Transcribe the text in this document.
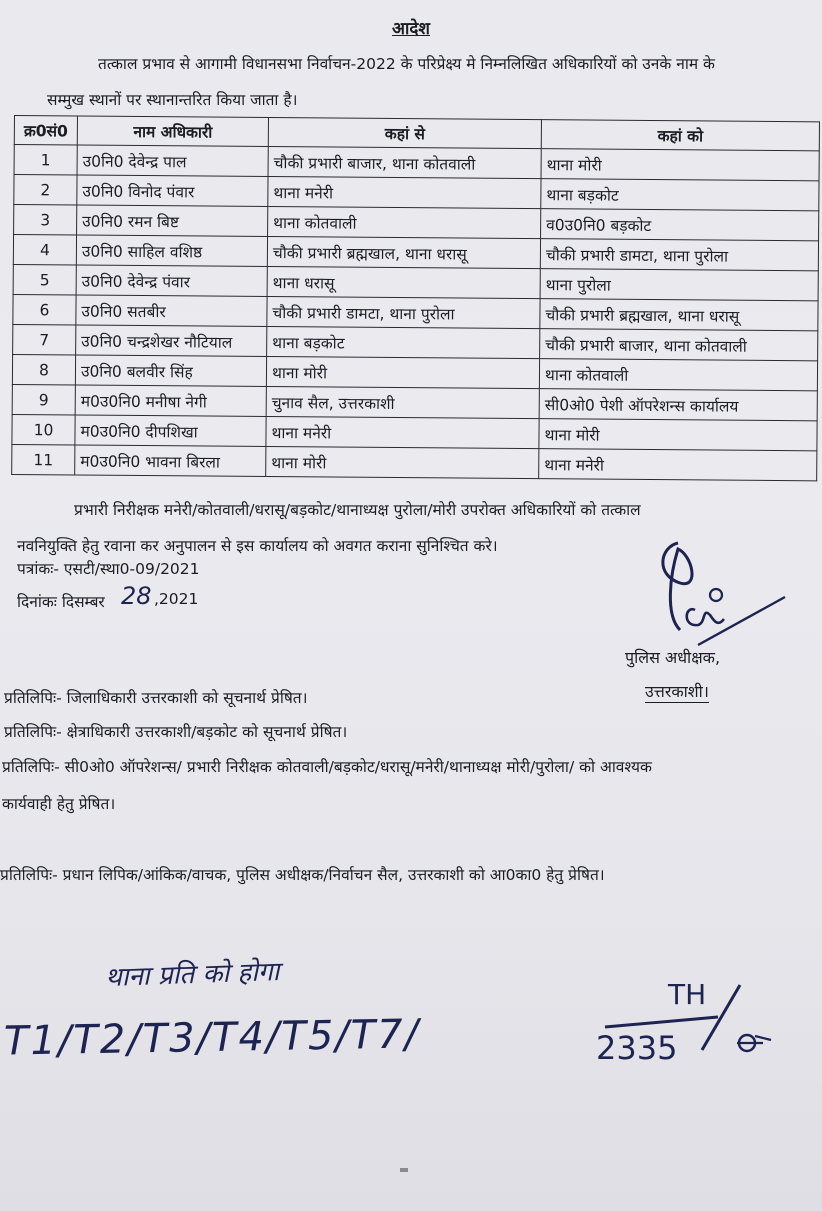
आदेश
तत्काल प्रभाव से आगामी विधानसभा निर्वाचन-2022 के परिप्रेक्ष्य मे निम्नलिखित अधिकारियों को उनके नाम के
सम्मुख स्थानों पर स्थानान्तरित किया जाता है।
क्र0सं0	नाम अधिकारी	कहां से	कहां को
1	उ0नि0 देवेन्द्र पाल	चौकी प्रभारी बाजार, थाना कोतवाली	थाना मोरी
2	उ0नि0 विनोद पंवार	थाना मनेरी	थाना बड़कोट
3	उ0नि0 रमन बिष्ट	थाना कोतवाली	व0उ0नि0 बड़कोट
4	उ0नि0 साहिल वशिष्ठ	चौकी प्रभारी ब्रह्मखाल, थाना धरासू	चौकी प्रभारी डामटा, थाना पुरोला
5	उ0नि0 देवेन्द्र पंवार	थाना धरासू	थाना पुरोला
6	उ0नि0 सतबीर	चौकी प्रभारी डामटा, थाना पुरोला	चौकी प्रभारी ब्रह्मखाल, थाना धरासू
7	उ0नि0 चन्द्रशेखर नौटियाल	थाना बड़कोट	चौकी प्रभारी बाजार, थाना कोतवाली
8	उ0नि0 बलवीर सिंह	थाना मोरी	थाना कोतवाली
9	म0उ0नि0 मनीषा नेगी	चुनाव सैल, उत्तरकाशी	सी0ओ0 पेशी ऑपरेशन्स कार्यालय
10	म0उ0नि0 दीपशिखा	थाना मनेरी	थाना मोरी
11	म0उ0नि0 भावना बिरला	थाना मोरी	थाना मनेरी
प्रभारी निरीक्षक मनेरी/कोतवाली/धरासू/बड़कोट/थानाध्यक्ष पुरोला/मोरी उपरोक्त अधिकारियों को तत्काल
नवनियुक्ति हेतु रवाना कर अनुपालन से इस कार्यालय को अवगत कराना सुनिश्चित करे।
पत्रांकः- एसटी/स्था0-09/2021
दिनांकः दिसम्बर 28 ,2021
पुलिस अधीक्षक,
उत्तरकाशी।
प्रतिलिपिः- जिलाधिकारी उत्तरकाशी को सूचनार्थ प्रेषित।
प्रतिलिपिः- क्षेत्राधिकारी उत्तरकाशी/बड़कोट को सूचनार्थ प्रेषित।
प्रतिलिपिः- सी0ओ0 ऑपरेशन्स/ प्रभारी निरीक्षक कोतवाली/बड़कोट/धरासू/मनेरी/थानाध्यक्ष मोरी/पुरोला/ को आवश्यक
कार्यवाही हेतु प्रेषित।
प्रतिलिपिः- प्रधान लिपिक/आंकिक/वाचक, पुलिस अधीक्षक/निर्वाचन सैल, उत्तरकाशी को आ0का0 हेतु प्रेषित।
थाना प्रति को होगा
T1/T2/T3/T4/T5/T7/
TH
2335
